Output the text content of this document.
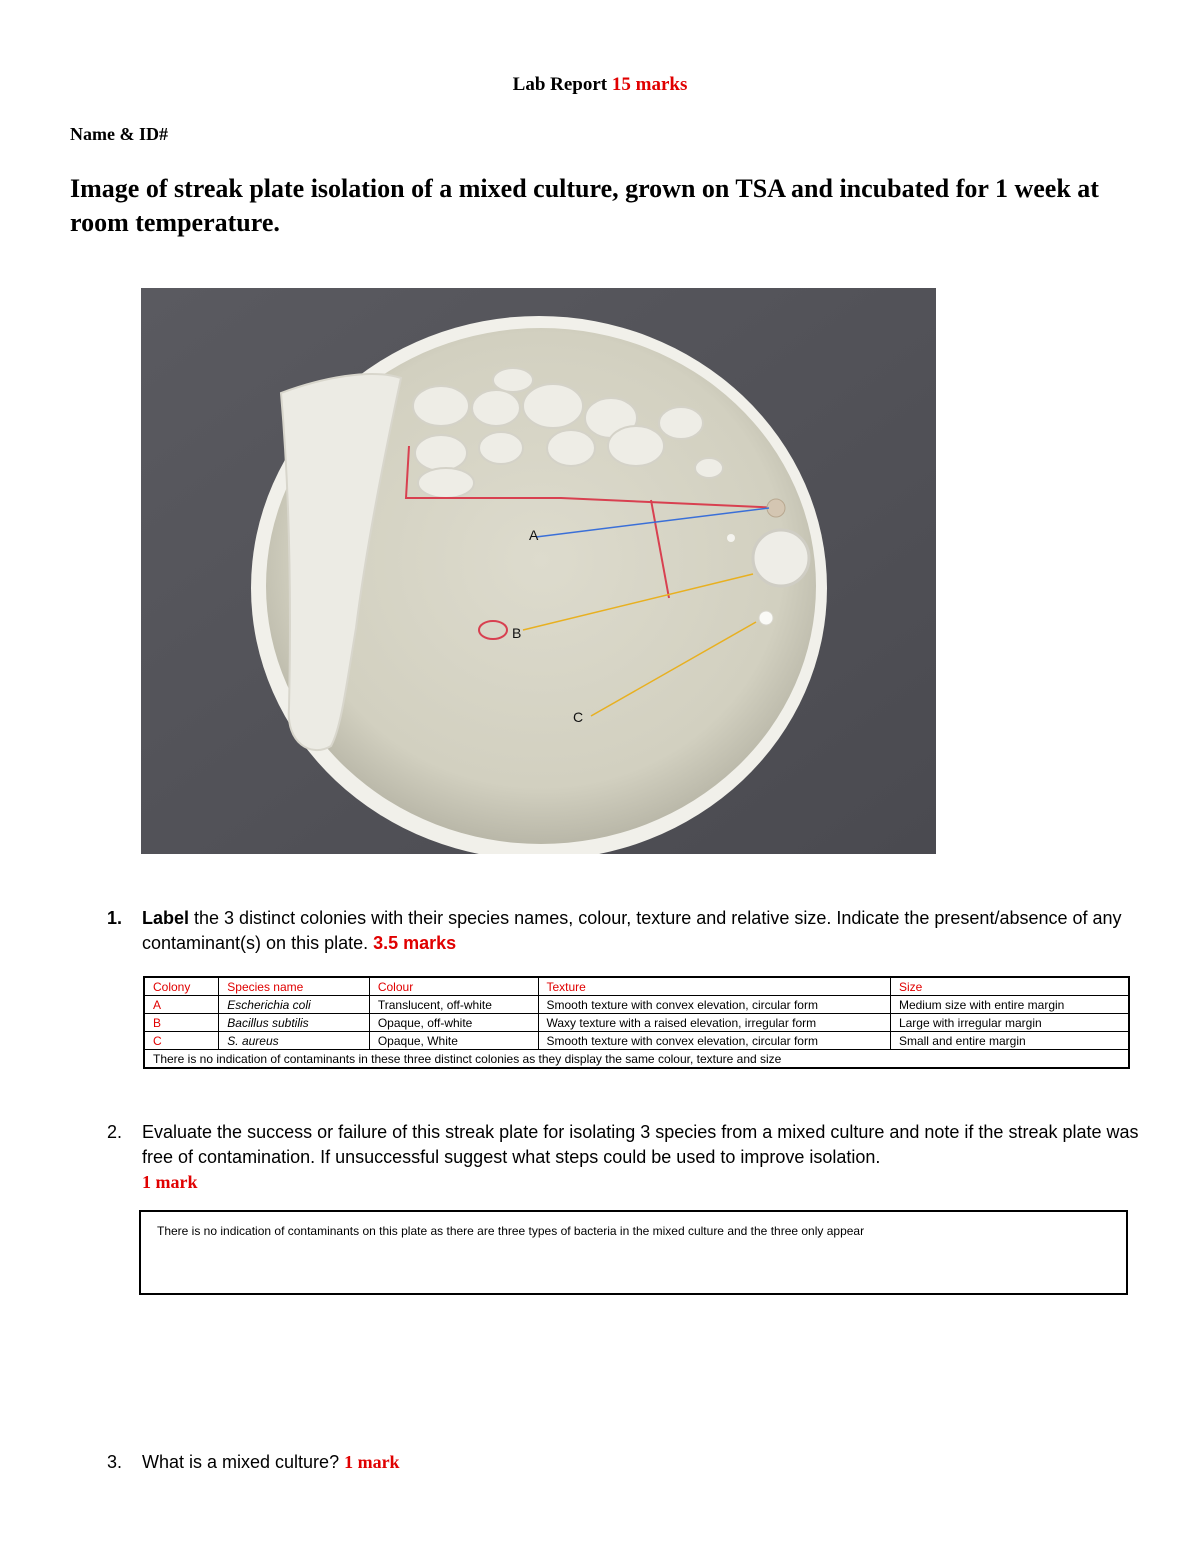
Lab Report 15 marks
Name & ID#
Image of streak plate isolation of a mixed culture, grown on TSA and incubated for 1 week at room temperature.
A
B
C
1.	Label the 3 distinct colonies with their species names, colour, texture and relative size. Indicate the present/absence of any contaminant(s) on this plate. 3.5 marks
Colony	Species name	Colour	Texture	Size
A	Escherichia coli	Translucent, off-white	Smooth texture with convex elevation, circular form	Medium size with entire margin
B	Bacillus subtilis	Opaque, off-white	Waxy texture with a raised elevation, irregular form	Large with irregular margin
C	S. aureus	Opaque, White	Smooth texture with convex elevation, circular form	Small and entire margin
There is no indication of contaminants in these three distinct colonies as they display the same colour, texture and size				
2.	Evaluate the success or failure of this streak plate for isolating 3 species from a mixed culture and note if the streak plate was free of contamination. If unsuccessful suggest what steps could be used to improve isolation.
1 mark
There is no indication of contaminants on this plate as there are three types of bacteria in the mixed culture and the three only appear
3.	What is a mixed culture? 1 mark
